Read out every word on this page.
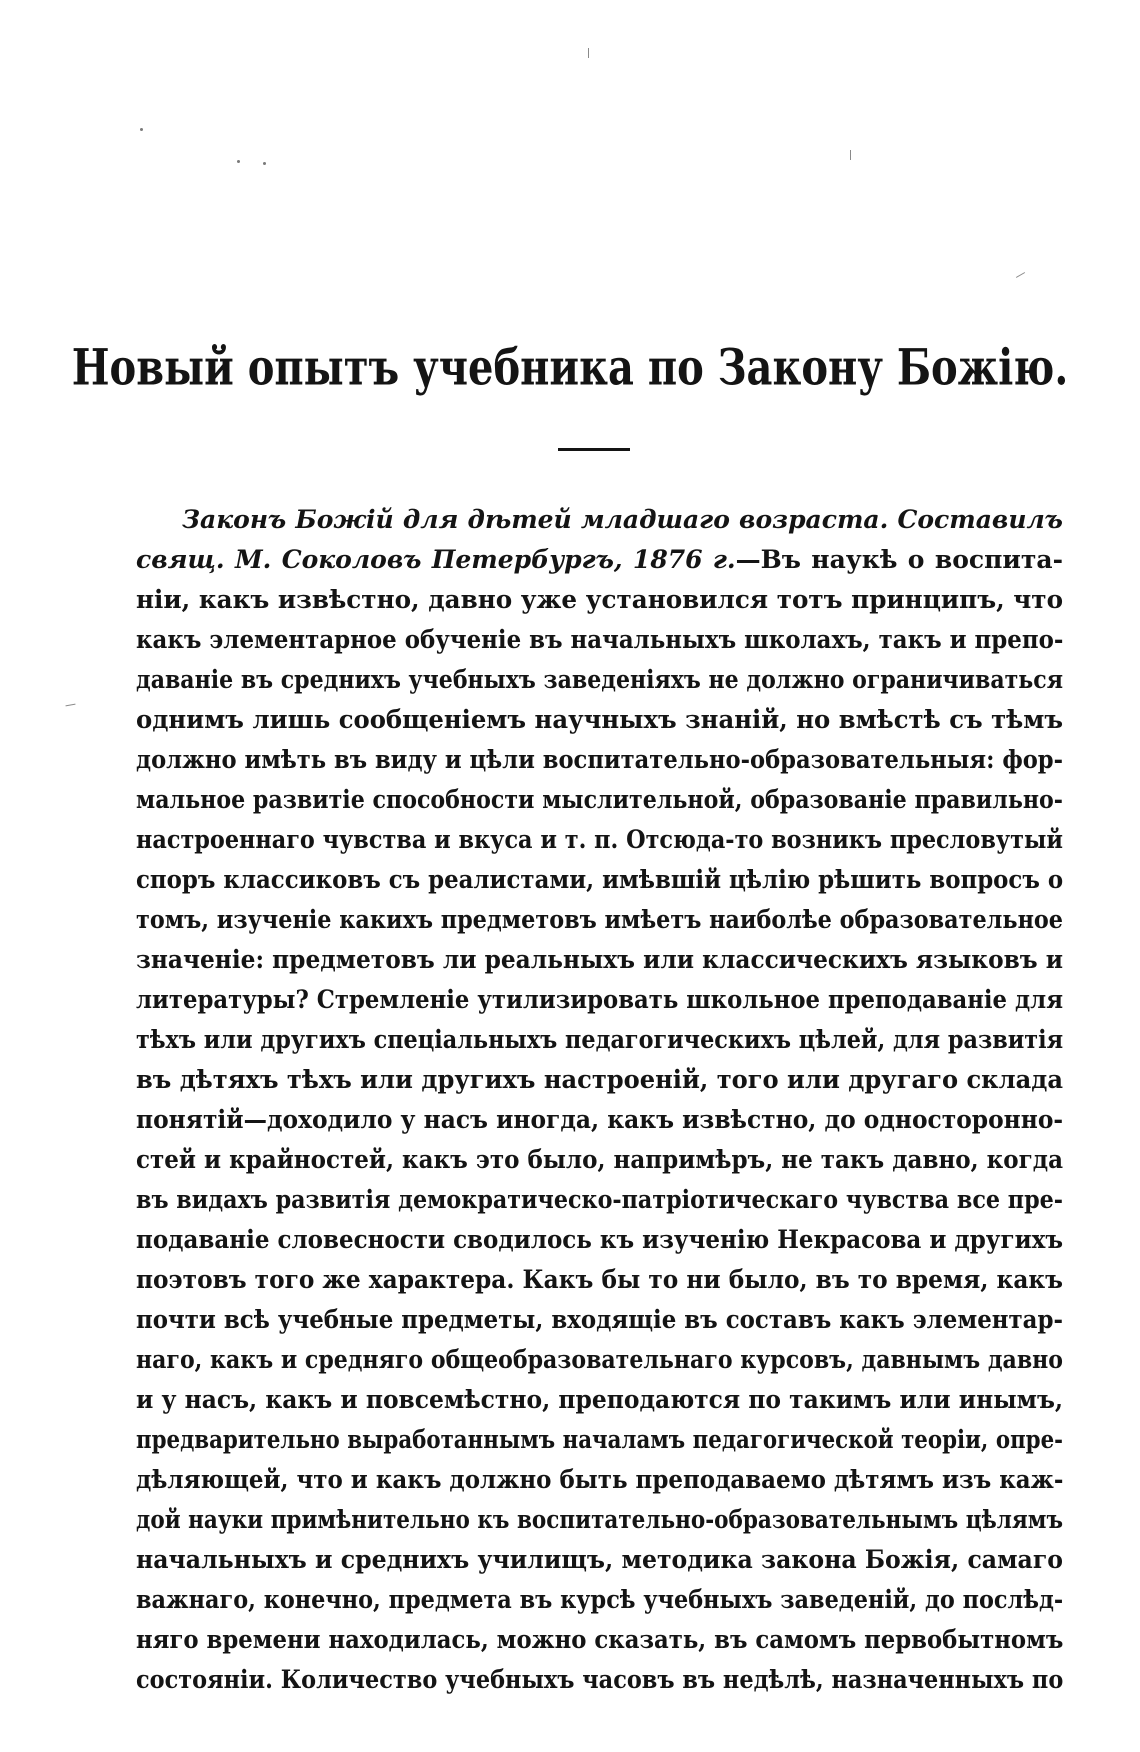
Новый опытъ учебника по Закону Божію.
Законъ Божій для дѣтей младшаго возраста. Составилъ
свящ. М. Соколовъ Петербургъ, 1876 г.—Въ наукѣ о воспита-
ніи, какъ извѣстно, давно уже установился тотъ принципъ, что
какъ элементарное обученіе въ начальныхъ школахъ, такъ и препо-
даваніе въ среднихъ учебныхъ заведеніяхъ не должно ограничиваться
однимъ лишь сообщеніемъ научныхъ знаній, но вмѣстѣ съ тѣмъ
должно имѣть въ виду и цѣли воспитательно-образовательныя: фор-
мальное развитіе способности мыслительной, образованіе правильно-
настроеннаго чувства и вкуса и т. п. Отсюда-то возникъ пресловутый
споръ классиковъ съ реалистами, имѣвшій цѣлію рѣшить вопросъ о
томъ, изученіе какихъ предметовъ имѣетъ наиболѣе образовательное
значеніе: предметовъ ли реальныхъ или классическихъ языковъ и
литературы? Стремленіе утилизировать школьное преподаваніе для
тѣхъ или другихъ спеціальныхъ педагогическихъ цѣлей, для развитія
въ дѣтяхъ тѣхъ или другихъ настроеній, того или другаго склада
понятій—доходило у насъ иногда, какъ извѣстно, до односторонно-
стей и крайностей, какъ это было, напримѣръ, не такъ давно, когда
въ видахъ развитія демократическо-патріотическаго чувства все пре-
подаваніе словесности сводилось къ изученію Некрасова и другихъ
поэтовъ того же характера. Какъ бы то ни было, въ то время, какъ
почти всѣ учебные предметы, входящіе въ составъ какъ элементар-
наго, какъ и средняго общеобразовательнаго курсовъ, давнымъ давно
и у насъ, какъ и повсемѣстно, преподаются по такимъ или инымъ,
предварительно выработаннымъ началамъ педагогической теоріи, опре-
дѣляющей, что и какъ должно быть преподаваемо дѣтямъ изъ каж-
дой науки примѣнительно къ воспитательно-образовательнымъ цѣлямъ
начальныхъ и среднихъ училищъ, методика закона Божія, самаго
важнаго, конечно, предмета въ курсѣ учебныхъ заведеній, до послѣд-
няго времени находилась, можно сказать, въ самомъ первобытномъ
состояніи. Количество учебныхъ часовъ въ недѣлѣ, назначенныхъ по
